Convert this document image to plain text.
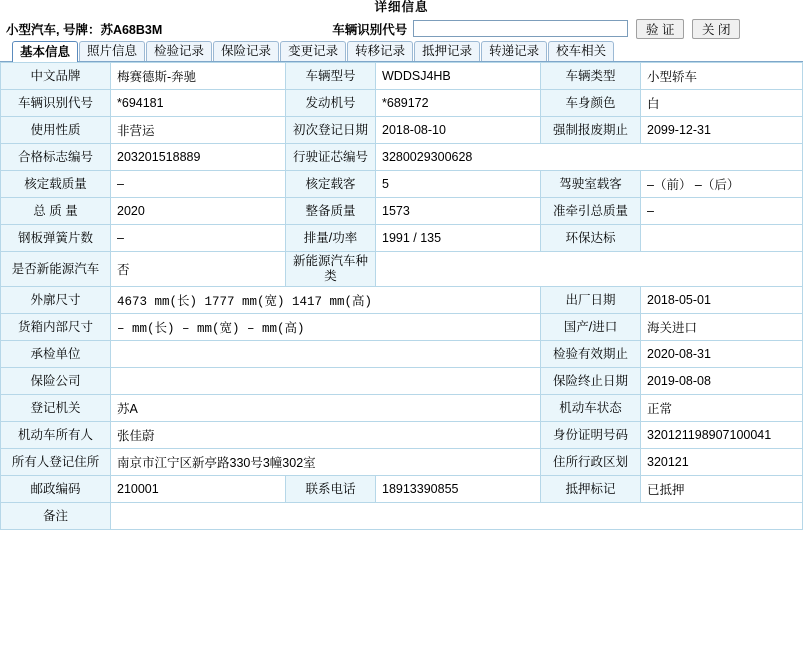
详细信息
小型汽车, 号牌：苏A68B3M	车辆识别代号	验 证	关 闭
基本信息	照片信息	检验记录	保险记录	变更记录	转移记录	抵押记录	转递记录	校车相关
中文品牌	梅赛德斯-奔驰	车辆型号	WDDSJ4HB	车辆类型	小型轿车
车辆识别代号	*694181	发动机号	*689172	车身颜色	白
使用性质	非营运	初次登记日期	2018-08-10	强制报废期止	2099-12-31
合格标志编号	203201518889	行驶证芯编号	3280029300628		
核定载质量	–	核定载客	5	驾驶室载客	–（前） –（后）
总 质 量	2020	整备质量	1573	准牵引总质量	–
钢板弹簧片数	–	排量/功率	1991 / 135	环保达标	
是否新能源汽车	否	新能源汽车种类			
外廓尺寸	4673 mm(长) 1777 mm(宽) 1417 mm(高)			出厂日期	2018-05-01
货箱内部尺寸	– mm(长) – mm(宽) – mm(高)			国产/进口	海关进口
承检单位				检验有效期止	2020-08-31
保险公司				保险终止日期	2019-08-08
登记机关	苏A			机动车状态	正常
机动车所有人	张佳蔚			身份证明号码	320121198907100041
所有人登记住所	南京市江宁区新亭路330号3幢302室			住所行政区划	320121
邮政编码	210001	联系电话	18913390855	抵押标记	已抵押
备注					
